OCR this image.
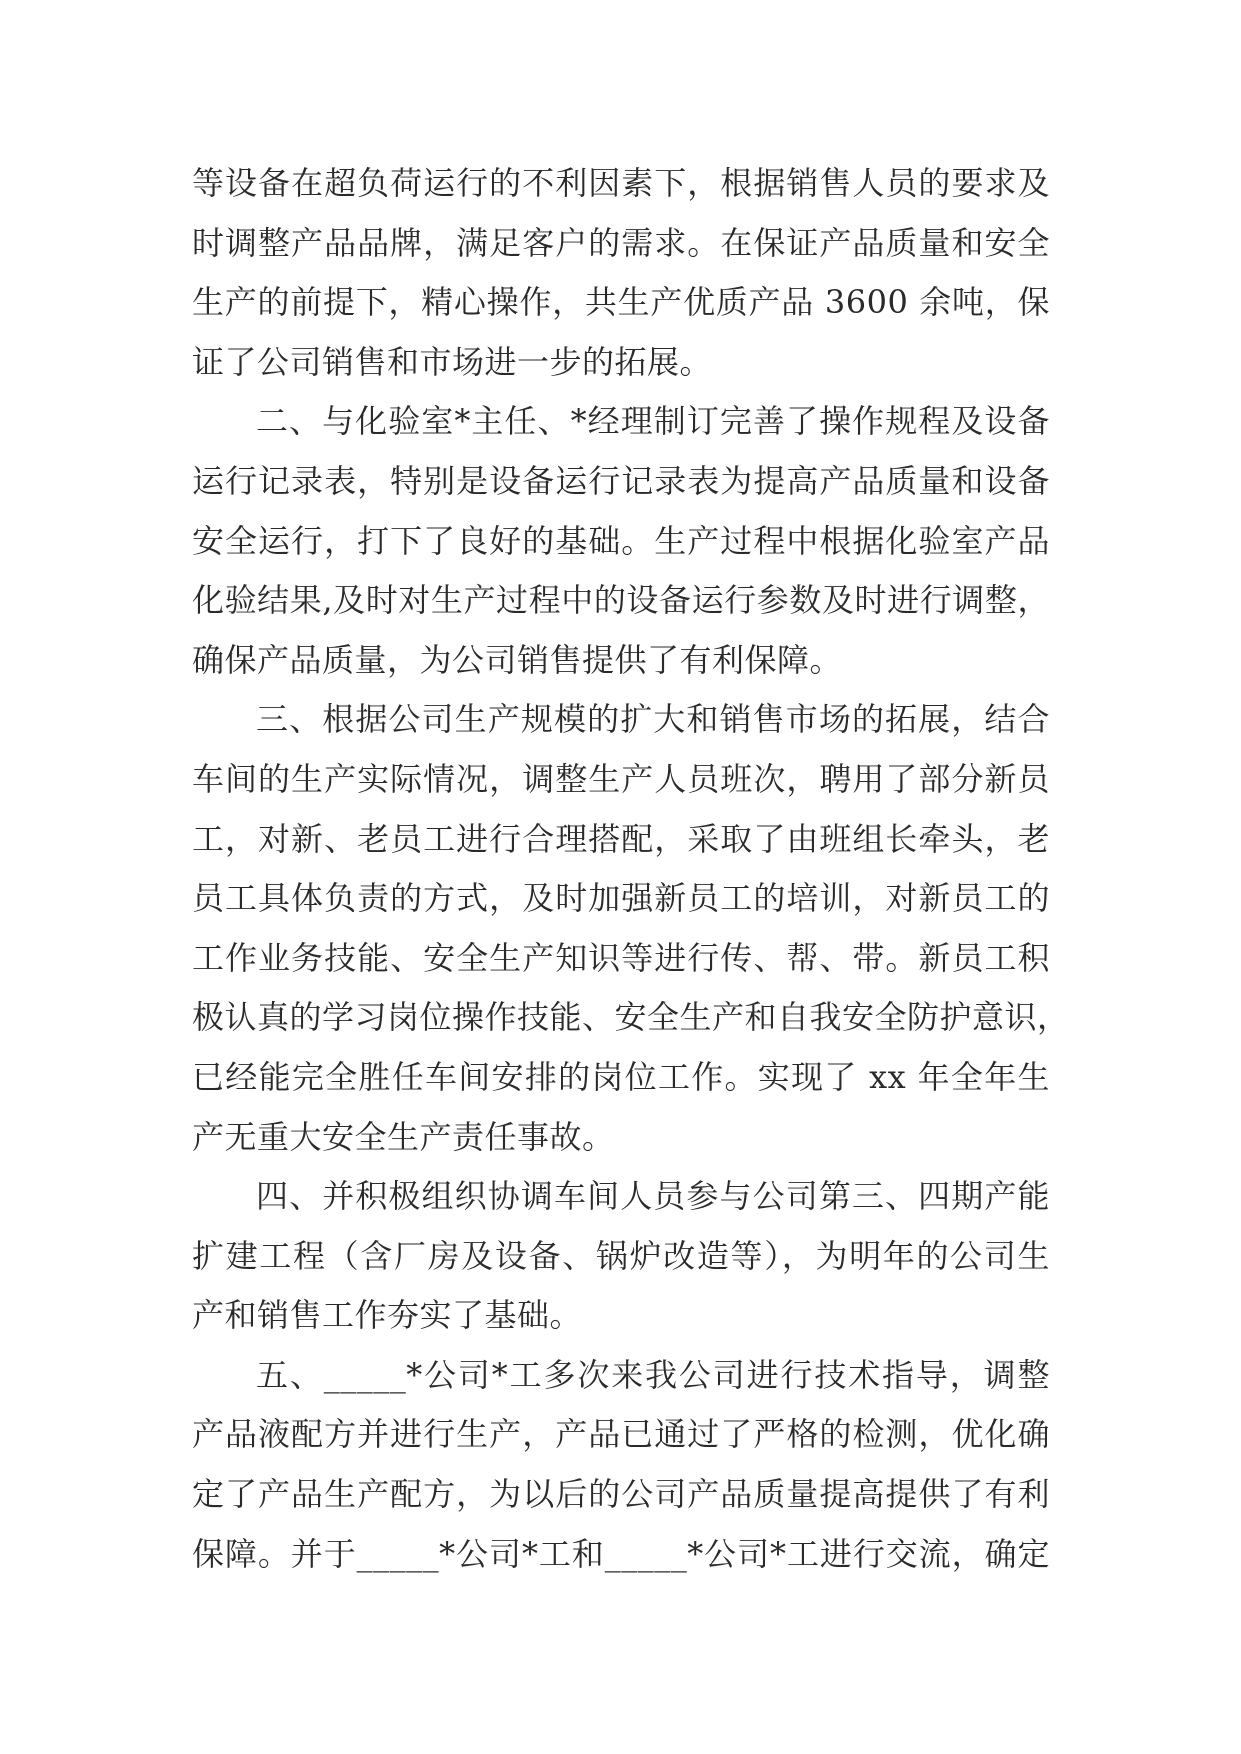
等设备在超负荷运行的不利因素下，根据销售人员的要求及
时调整产品品牌，满足客户的需求。在保证产品质量和安全
生产的前提下，精心操作，共生产优质产品 3600 余吨，保
证了公司销售和市场进一步的拓展。
二、与化验室*主任、*经理制订完善了操作规程及设备
运行记录表，特别是设备运行记录表为提高产品质量和设备
安全运行，打下了良好的基础。生产过程中根据化验室产品
化验结果,及时对生产过程中的设备运行参数及时进行调整，
确保产品质量，为公司销售提供了有利保障。
三、根据公司生产规模的扩大和销售市场的拓展，结合
车间的生产实际情况，调整生产人员班次，聘用了部分新员
工，对新、老员工进行合理搭配，采取了由班组长牵头，老
员工具体负责的方式，及时加强新员工的培训，对新员工的
工作业务技能、安全生产知识等进行传、帮、带。新员工积
极认真的学习岗位操作技能、安全生产和自我安全防护意识，
已经能完全胜任车间安排的岗位工作。实现了 xx 年全年生
产无重大安全生产责任事故。
四、并积极组织协调车间人员参与公司第三、四期产能
扩建工程（含厂房及设备、锅炉改造等），为明年的公司生
产和销售工作夯实了基础。
五、_____*公司*工多次来我公司进行技术指导，调整
产品液配方并进行生产，产品已通过了严格的检测，优化确
定了产品生产配方，为以后的公司产品质量提高提供了有利
保障。并于_____*公司*工和_____*公司*工进行交流，确定
